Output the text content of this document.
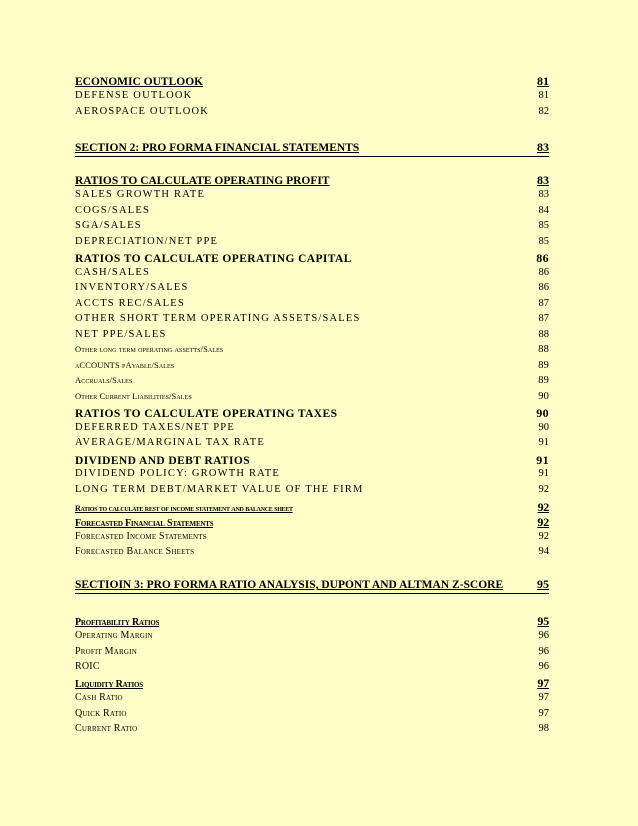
ECONOMIC OUTLOOK	81
DEFENSE OUTLOOK	81
AEROSPACE OUTLOOK	82
SECTION 2: PRO FORMA FINANCIAL STATEMENTS	83
RATIOS TO CALCULATE OPERATING PROFIT	83
SALES GROWTH RATE	83
COGS/SALES	84
SGA/SALES	85
DEPRECIATION/NET PPE	85
RATIOS TO CALCULATE OPERATING CAPITAL	86
CASH/SALES	86
INVENTORY/SALES	86
ACCTS REC/SALES	87
OTHER SHORT TERM OPERATING ASSETS/SALES	87
NET PPE/SALES	88
Other long term operating assetts/Sales	88
aCCOUNTS pAyable/Sales	89
Accruals/Sales	89
Other Current Liabilities/Sales	90
RATIOS TO CALCULATE OPERATING TAXES	90
DEFERRED TAXES/NET PPE	90
AVERAGE/MARGINAL TAX RATE	91
DIVIDEND AND DEBT RATIOS	91
DIVIDEND POLICY: GROWTH RATE	91
LONG TERM DEBT/MARKET VALUE OF THE FIRM	92
Ratios to calculate rest of income statement and balance sheet	92
Forecasted Financial Statements	92
Forecasted Income Statements	92
Forecasted Balance Sheets	94
SECTIOIN 3: PRO FORMA RATIO ANALYSIS, DUPONT AND ALTMAN Z-SCORE	95
Profitability Ratios	95
Operating Margin	96
Profit Margin	96
ROIC	96
Liquidity Ratios	97
Cash Ratio	97
Quick Ratio	97
Current Ratio	98
